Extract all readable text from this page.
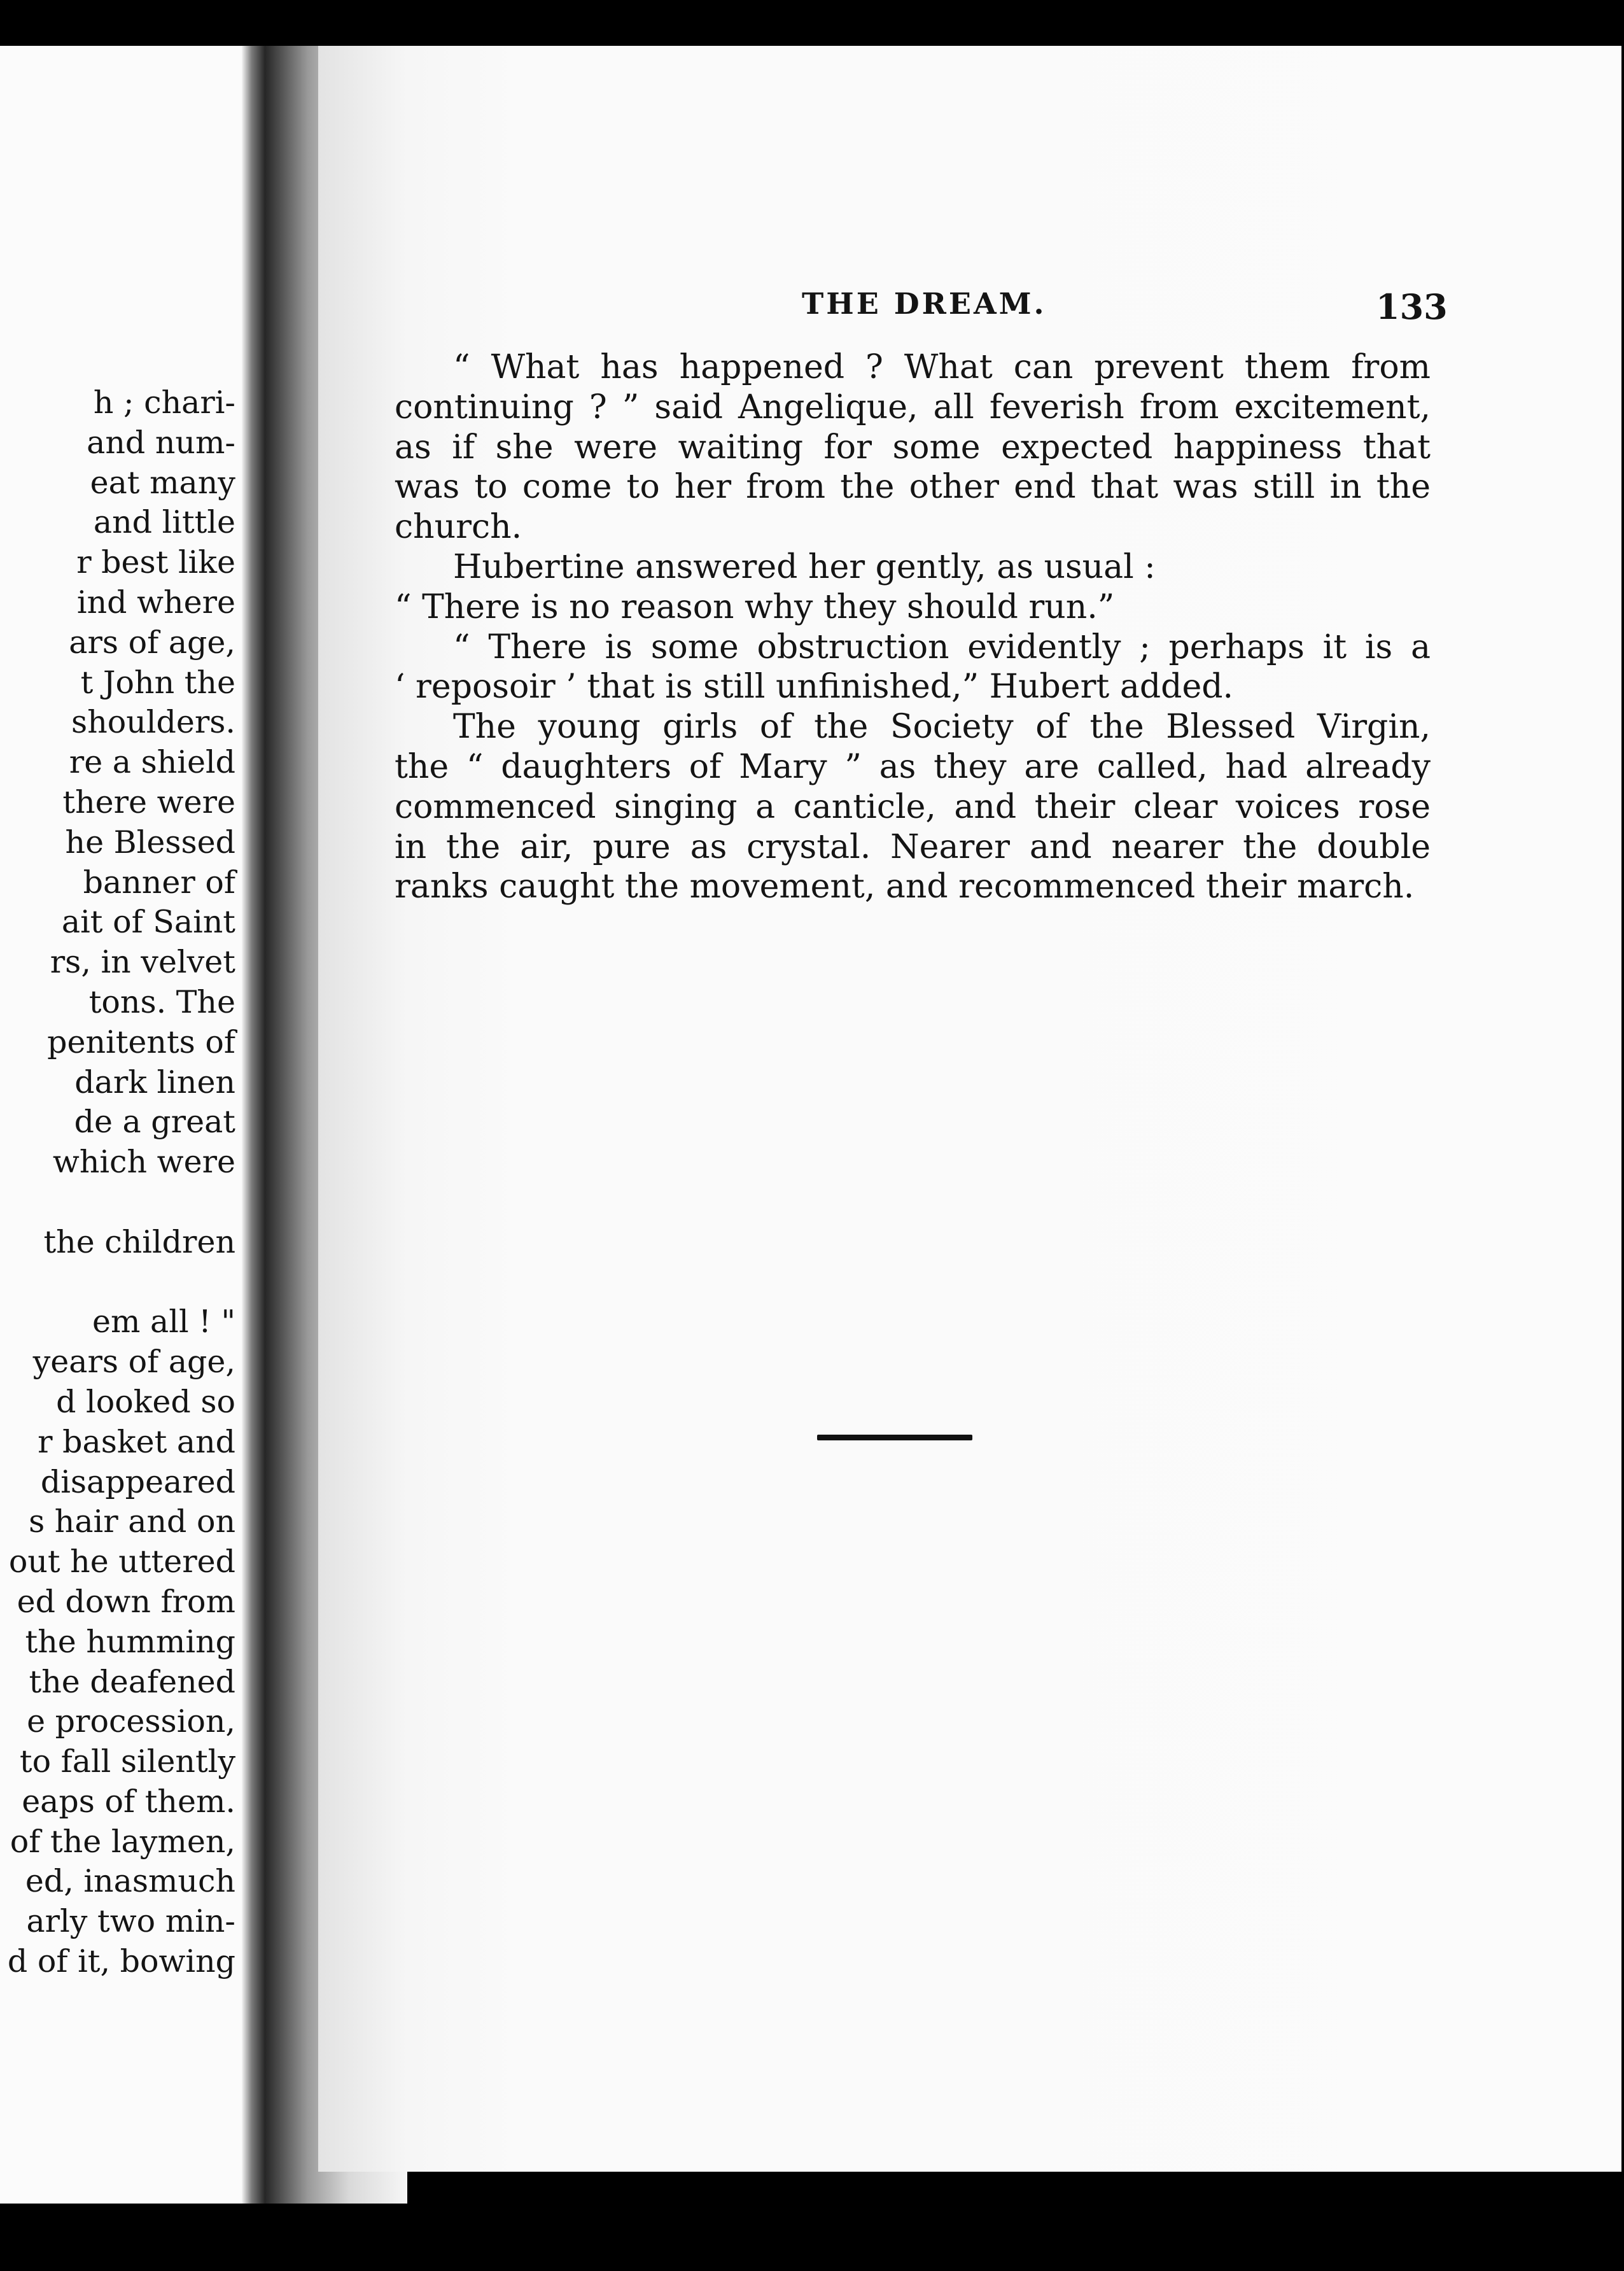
h ; chari-
and num-
eat many
and little
r best like
ind where
ars of age,
t John the
shoulders.
re a shield
there were
he Blessed
banner of
ait of Saint
rs, in velvet
tons. The
penitents of
dark linen
de a great
which were
the children
em all ! "
years of age,
d looked so
r basket and
disappeared
s hair and on
out he uttered
ed down from
the humming
the deafened
e procession,
to fall silently
eaps of them.
of the laymen,
ed, inasmuch
arly two min-
d of it, bowing
THE DREAM.	133
“ What has happened ? What can prevent them from
continuing ? ” said Angelique, all feverish from excitement,
as if she were waiting for some expected happiness that
was to come to her from the other end that was still in the
church.
Hubertine answered her gently, as usual :
“ There is no reason why they should run.”
“ There is some obstruction evidently ; perhaps it is a
‘ reposoir ’ that is still unfinished,” Hubert added.
The young girls of the Society of the Blessed Virgin,
the “ daughters of Mary ” as they are called, had already
commenced singing a canticle, and their clear voices rose
in the air, pure as crystal. Nearer and nearer the double
ranks caught the movement, and recommenced their march.
